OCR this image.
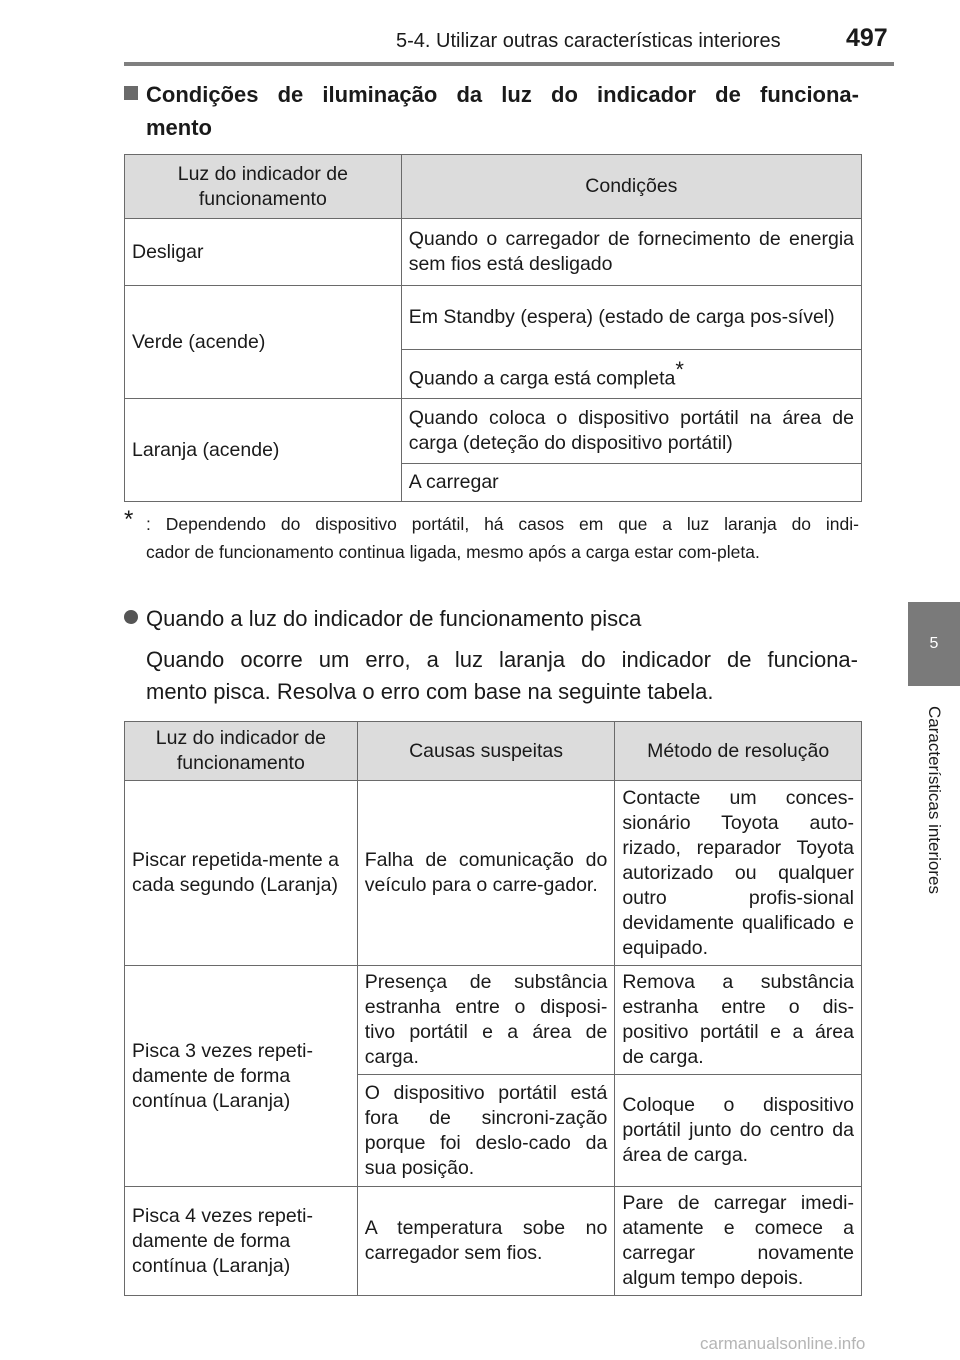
5-4. Utilizar outras características interiores	497
5
Características interiores
Condições de iluminação da luz do indicador de funciona-
mento
Luz do indicador de funcionamento	Condições
Desligar	Quando o carregador de fornecimento de energia sem fios está desligado
Verde (acende)	Em Standby (espera) (estado de carga pos-sível)
	Quando a carga está completa*
Laranja (acende)	Quando coloca o dispositivo portátil na área de carga (deteção do dispositivo portátil)
	A carregar
* : Dependendo do dispositivo portátil, há casos em que a luz laranja do indi-
cador de funcionamento continua ligada, mesmo após a carga estar com-pleta.
Quando a luz do indicador de funcionamento pisca
Quando ocorre um erro, a luz laranja do indicador de funciona-
mento pisca. Resolva o erro com base na seguinte tabela.
Luz do indicador de funcionamento	Causas suspeitas	Método de resolução
Piscar repetida-mente a cada segundo (Laranja)	Falha de comunicação do veículo para o carre-gador.	Contacte um conces-sionário Toyota auto-rizado, reparador Toyota autorizado ou qualquer outro profis-sional devidamente qualificado e equipado.
Pisca 3 vezes repeti-damente de forma contínua (Laranja)	Presença de substância estranha entre o disposi-tivo portátil e a área de carga.	Remova a substância estranha entre o dis-positivo portátil e a área de carga.
	O dispositivo portátil está fora de sincroni-zação porque foi deslo-cado da sua posição.	Coloque o dispositivo portátil junto do centro da área de carga.
Pisca 4 vezes repeti-damente de forma contínua (Laranja)	A temperatura sobe no carregador sem fios.	Pare de carregar imedi-atamente e comece a carregar novamente algum tempo depois.
carmanualsonline.info
